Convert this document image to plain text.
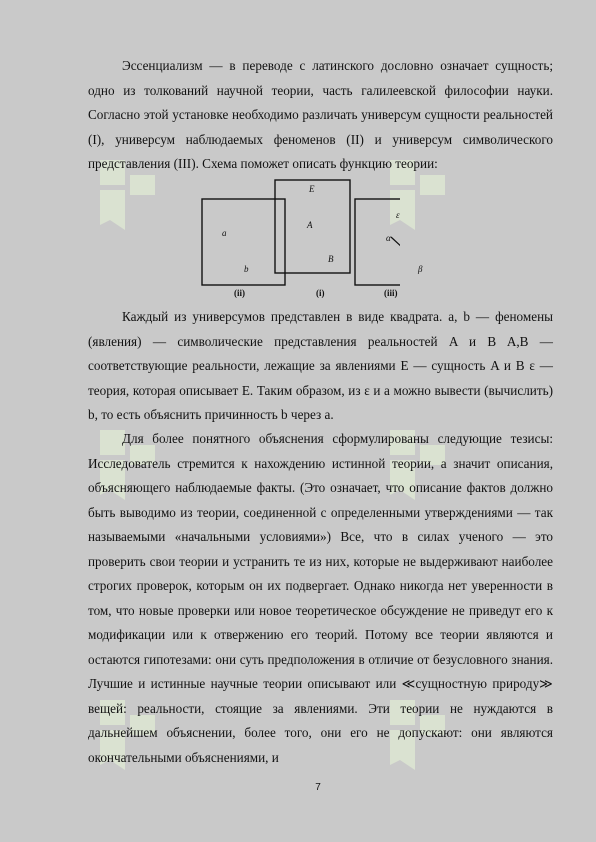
Эссенциализм — в переводе с латинского дословно означает сущность; одно из толкований научной теории, часть галилеевской философии науки. Согласно этой установке необходимо различать универсум сущности реальностей (I), универсум наблюдаемых феноменов (II) и универсум символического представления (III). Схема поможет описать функцию теории:

a
b
A
B
E
ε
α
β
(ii)	(i)	(iii)

Каждый из универсумов представлен в виде квадрата. a, b — феномены (явления) — символические представления реальностей A и B A,B — соответствующие реальности, лежащие за явлениями E — сущность A и B ε — теория, которая описывает E. Таким образом, из ε и a можно вывести (вычислить) b, то есть объяснить причинность b через a.

Для более понятного объяснения сформулированы следующие тезисы: Исследователь стремится к нахождению истинной теории, а значит описания, объясняющего наблюдаемые факты. (Это означает, что описание фактов должно быть выводимо из теории, соединенной с определенными утверждениями — так называемыми «начальными условиями») Все, что в силах ученого — это проверить свои теории и устранить те из них, которые не выдерживают наиболее строгих проверок, которым он их подвергает. Однако никогда нет уверенности в том, что новые проверки или новое теоретическое обсуждение не приведут его к модификации или к отвержению его теорий. Потому все теории являются и остаются гипотезами: они суть предположения в отличие от безусловного знания. Лучшие и истинные научные теории описывают или ≪сущностную природу≫ вещей: реальности, стоящие за явлениями. Эти теории не нуждаются в дальнейшем объяснении, более того, они его не допускают: они являются окончательными объяснениями, и

7
